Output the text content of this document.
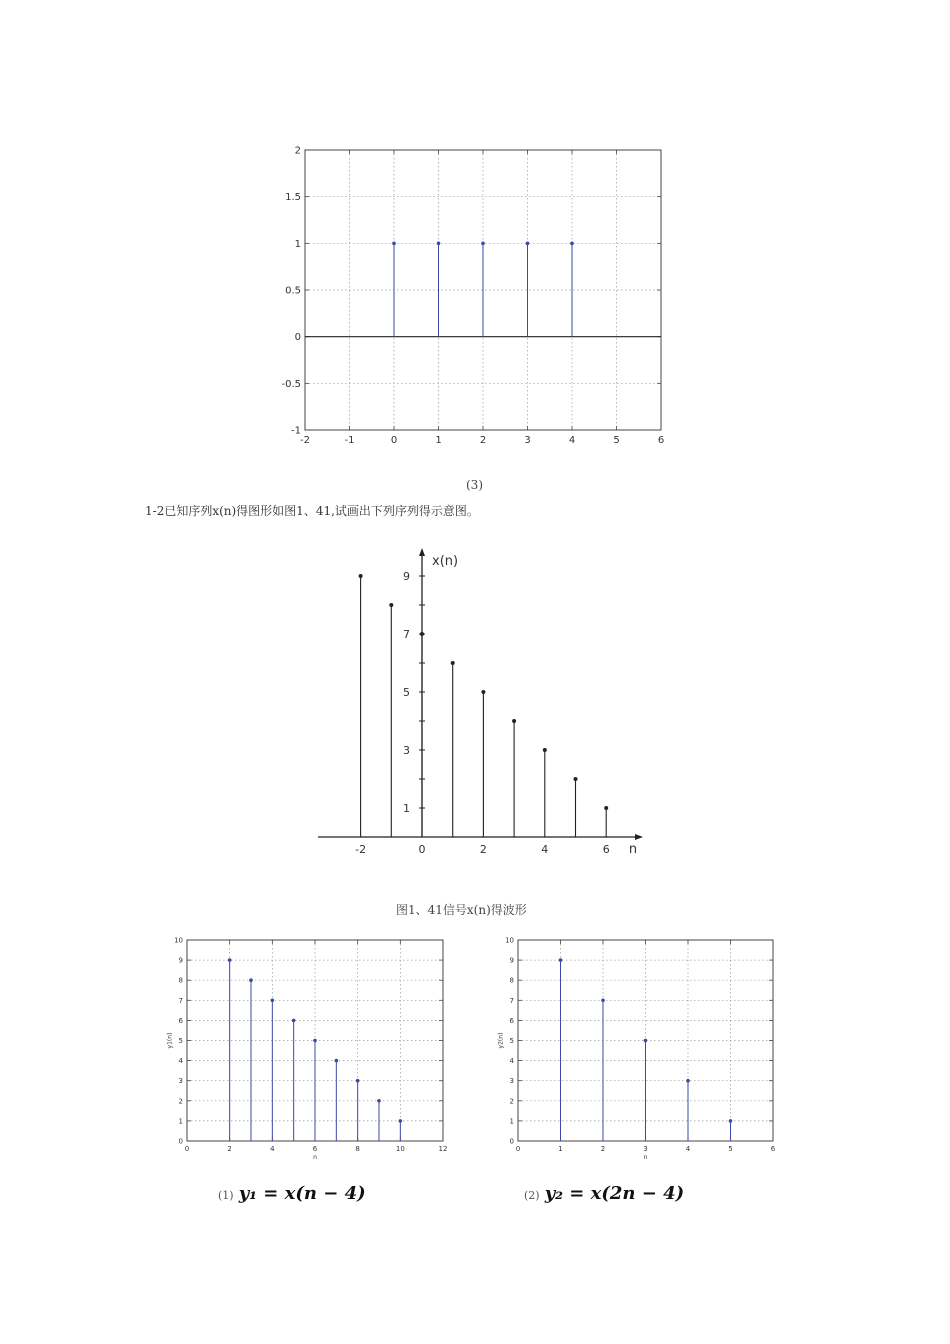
-2	-1	0	1	2	3	4	5	6
-1
-0.5
0
0.5
1
1.5
2
(3)
1-2已知序列x(n)得图形如图1、41,试画出下列序列得示意图。
1
3
5
7
9
-2	0	2	4	6 n
x(n)
图1、41信号x(n)得波形
0	2	4	6	8	10	12
0
1
2
3
4
5
6
7
8
9
10
n
y1(n)
0	1	2	3	4	5	6
0
1
2
3
4
5
6
7
8
9
10
n
y2(n)
(1) y₁ = x(n − 4)	(2) y₂ = x(2n − 4)
